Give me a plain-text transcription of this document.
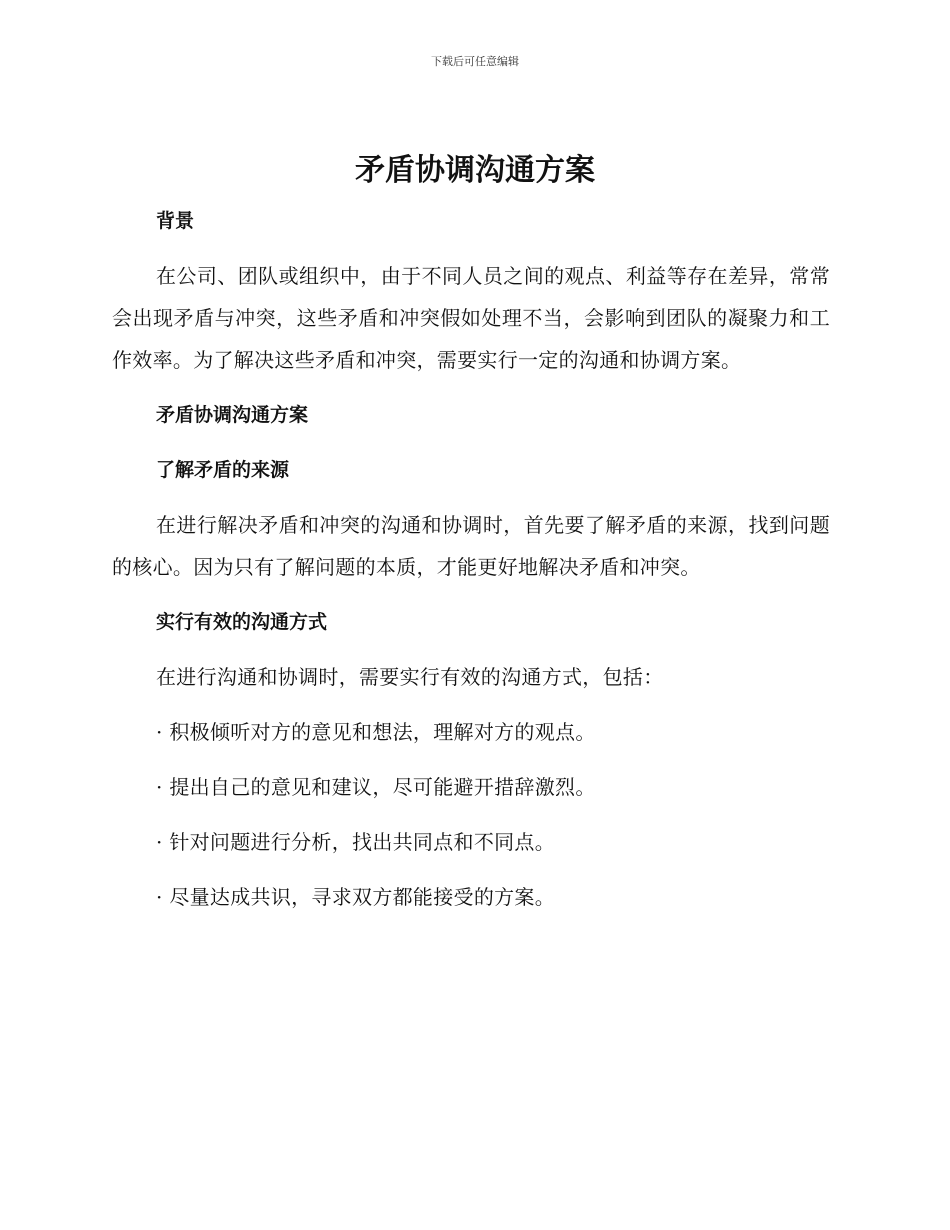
下载后可任意编辑
矛盾协调沟通方案
背景

在公司、团队或组织中，由于不同人员之间的观点、利益等存在差异，常常会出现矛盾与冲突，这些矛盾和冲突假如处理不当，会影响到团队的凝聚力和工作效率。为了解决这些矛盾和冲突，需要实行一定的沟通和协调方案。

矛盾协调沟通方案
了解矛盾的来源

在进行解决矛盾和冲突的沟通和协调时，首先要了解矛盾的来源，找到问题的核心。因为只有了解问题的本质，才能更好地解决矛盾和冲突。

实行有效的沟通方式

在进行沟通和协调时，需要实行有效的沟通方式，包括：

· 积极倾听对方的意见和想法，理解对方的观点。

· 提出自己的意见和建议，尽可能避开措辞激烈。

· 针对问题进行分析，找出共同点和不同点。

· 尽量达成共识，寻求双方都能接受的方案。
